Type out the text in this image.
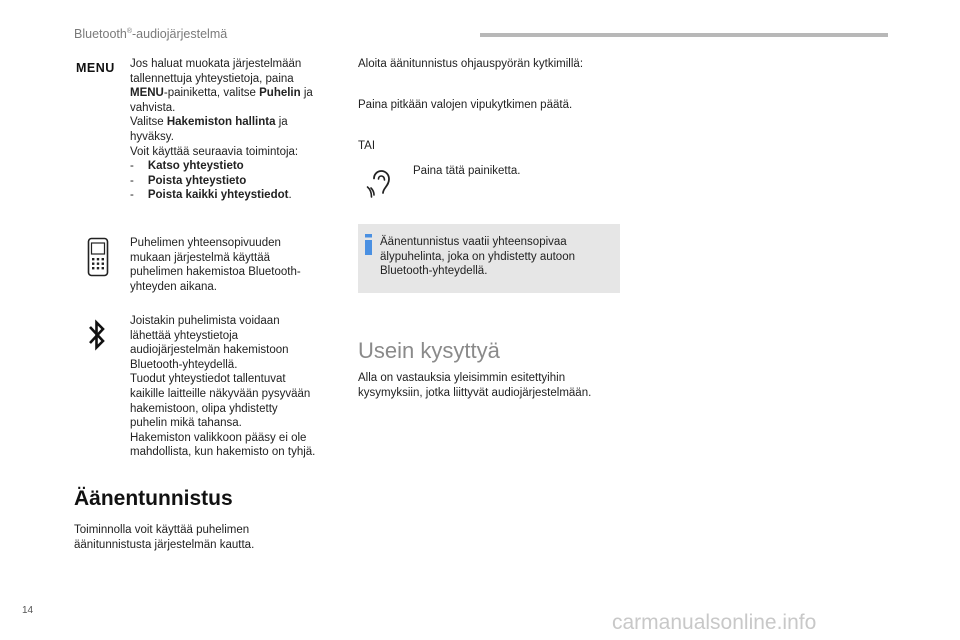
Bluetooth®-audiojärjestelmä
MENU Jos haluat muokata järjestelmään
tallennettuja yhteystietoja, paina
MENU-painiketta, valitse Puhelin ja
vahvista.
Valitse Hakemiston hallinta ja
hyväksy.
Voit käyttää seuraavia toimintoja:
- Katso yhteystieto
- Poista yhteystieto
- Poista kaikki yhteystiedot.
Puhelimen yhteensopivuuden
mukaan järjestelmä käyttää
puhelimen hakemistoa Bluetooth-
yhteyden aikana.
Joistakin puhelimista voidaan
lähettää yhteystietoja
audiojärjestelmän hakemistoon
Bluetooth-yhteydellä.
Tuodut yhteystiedot tallentuvat
kaikille laitteille näkyvään pysyvään
hakemistoon, olipa yhdistetty
puhelin mikä tahansa.
Hakemiston valikkoon pääsy ei ole
mahdollista, kun hakemisto on tyhjä.
Äänentunnistus
Toiminnolla voit käyttää puhelimen
äänitunnistusta järjestelmän kautta.
Aloita äänitunnistus ohjauspyörän kytkimillä:
Paina pitkään valojen vipukytkimen päätä.
TAI
Paina tätä painiketta.
Äänentunnistus vaatii yhteensopivaa
älypuhelinta, joka on yhdistetty autoon
Bluetooth-yhteydellä.
Usein kysyttyä
Alla on vastauksia yleisimmin esitettyihin
kysymyksiin, jotka liittyvät audiojärjestelmään.
14
carmanualsonline.info
